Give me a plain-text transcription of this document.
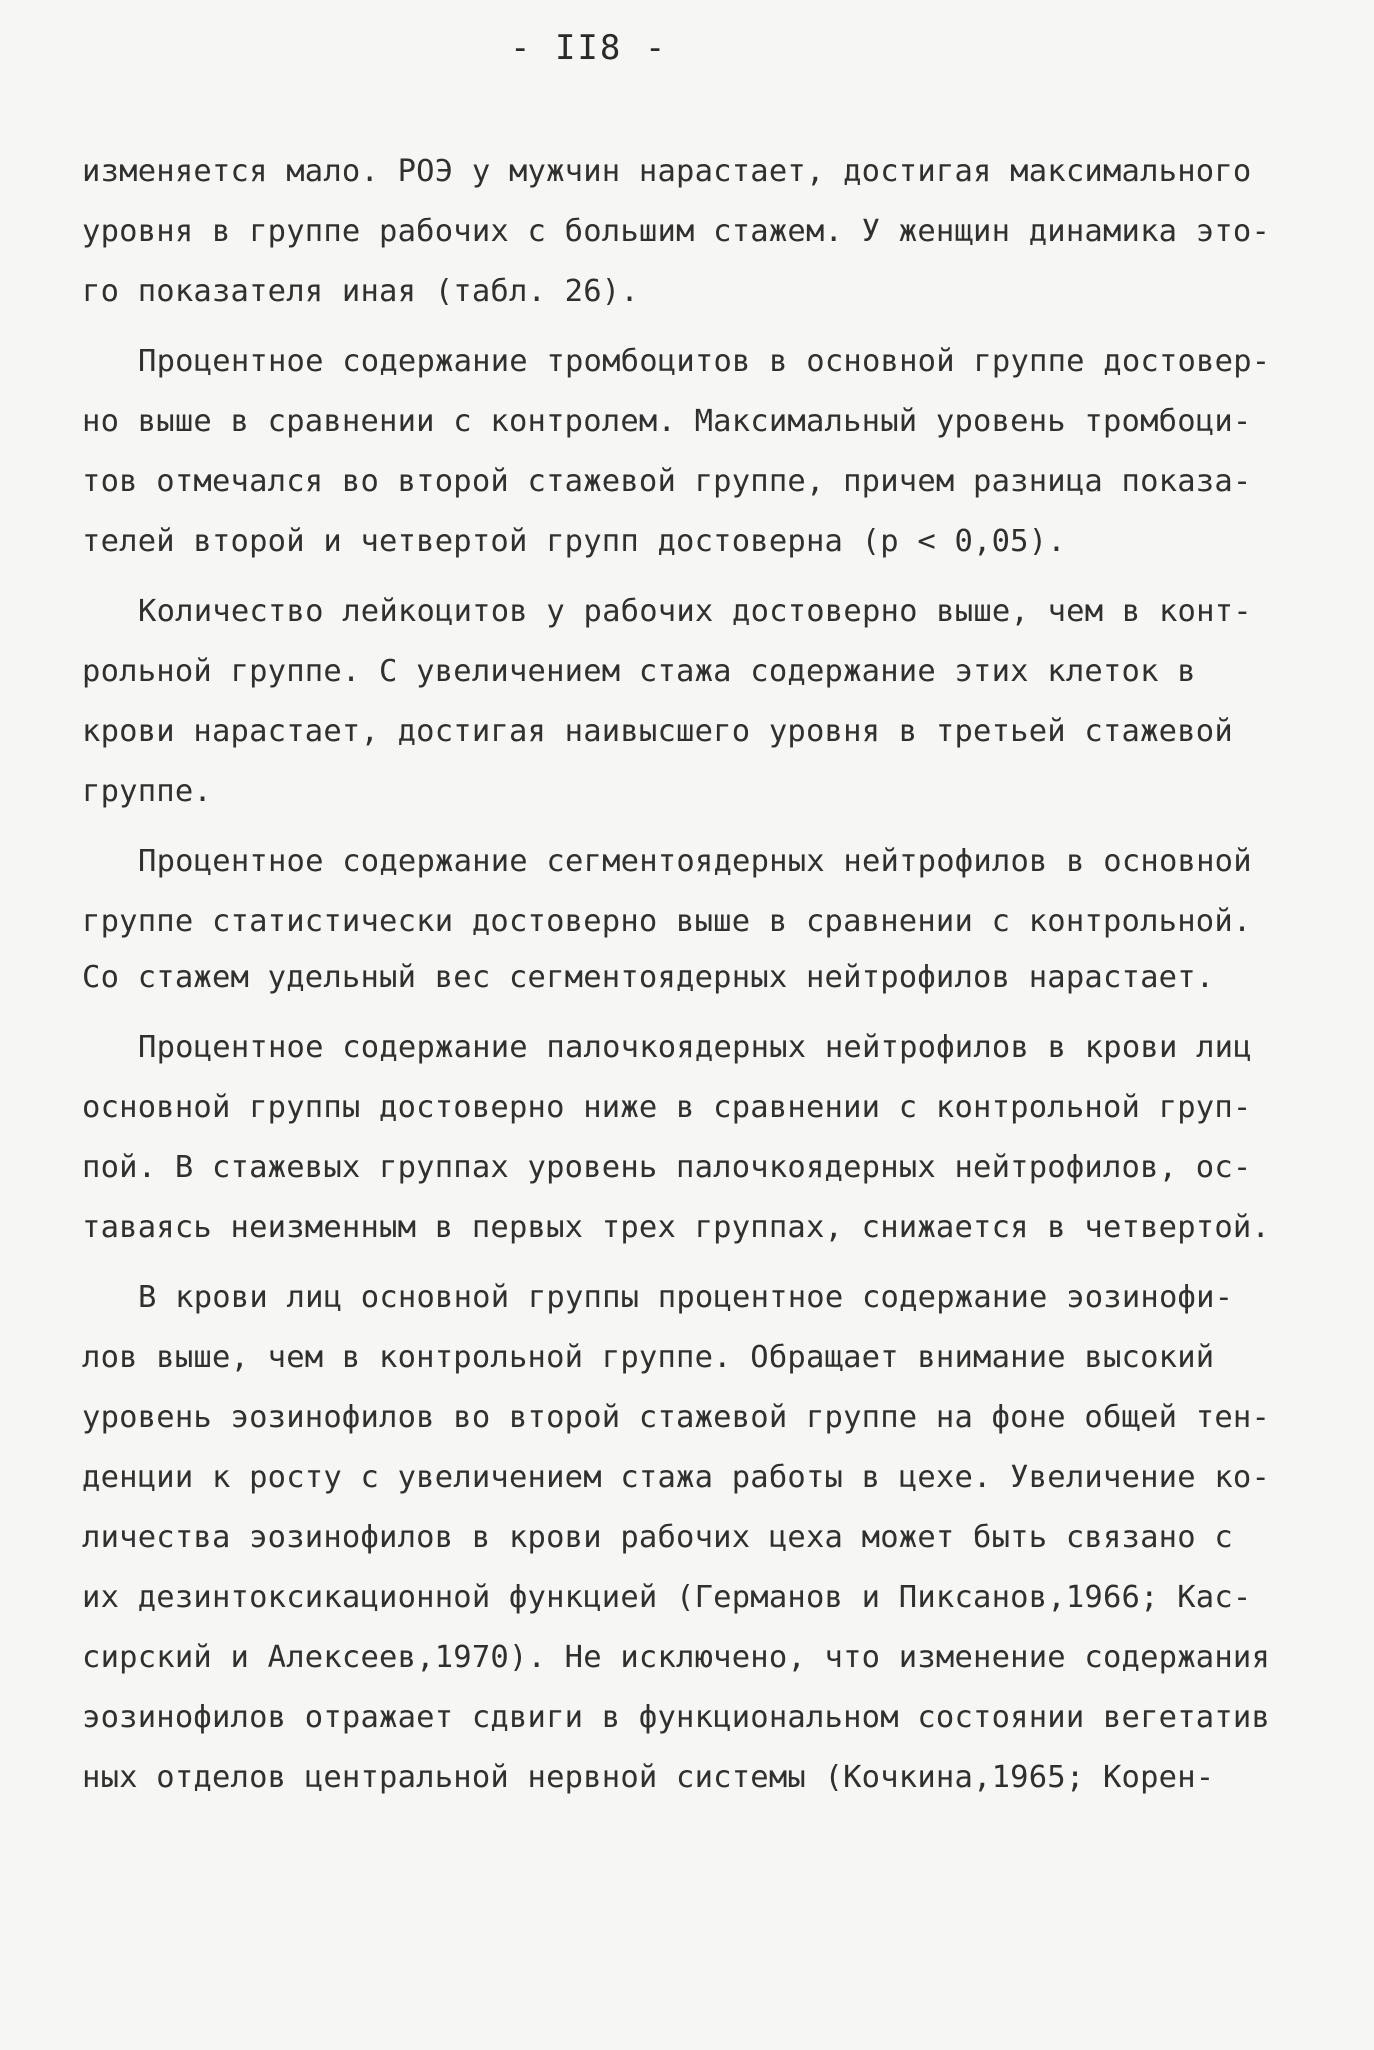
- II8 -
изменяется мало. РОЭ у мужчин нарастает, достигая максимального
уровня в группе рабочих с большим стажем. У женщин динамика это-
го показателя иная (табл. 26).
Процентное содержание тромбоцитов в основной группе достовер-
но выше в сравнении с контролем. Максимальный уровень тромбоци-
тов отмечался во второй стажевой группе, причем разница показа-
телей второй и четвертой групп достоверна (р < 0,05).
Количество лейкоцитов у рабочих достоверно выше, чем в конт-
рольной группе. С увеличением стажа содержание этих клеток в
крови нарастает, достигая наивысшего уровня в третьей стажевой
группе.
Процентное содержание сегментоядерных нейтрофилов в основной
группе статистически достоверно выше в сравнении с контрольной.
Со стажем удельный вес сегментоядерных нейтрофилов нарастает.
Процентное содержание палочкоядерных нейтрофилов в крови лиц
основной группы достоверно ниже в сравнении с контрольной груп-
пой. В стажевых группах уровень палочкоядерных нейтрофилов, ос-
таваясь неизменным в первых трех группах, снижается в четвертой.
В крови лиц основной группы процентное содержание эозинофи-
лов выше, чем в контрольной группе. Обращает внимание высокий
уровень эозинофилов во второй стажевой группе на фоне общей тен-
денции к росту с увеличением стажа работы в цехе. Увеличение ко-
личества эозинофилов в крови рабочих цеха может быть связано с
их дезинтоксикационной функцией (Германов и Пиксанов,1966; Кас-
сирский и Алексеев,1970). Не исключено, что изменение содержания
эозинофилов отражает сдвиги в функциональном состоянии вегетатив
ных отделов центральной нервной системы (Кочкина,1965; Корен-
